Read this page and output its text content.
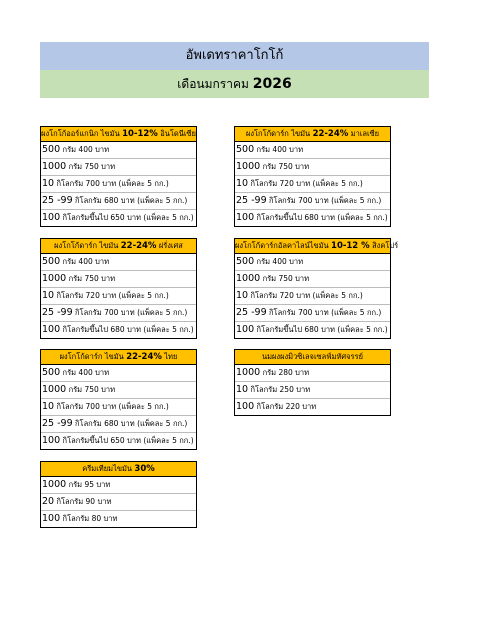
อัพเดทราคาโกโก้
เดือนมกราคม 2026
ผงโกโก้ออร์แกนิก ไขมัน 10-12% อินโดนีเซีย
500 กรัม 400 บาท
1000 กรัม 750 บาท
10 กิโลกรัม 700 บาท (แพ็คละ 5 กก.)
25 -99 กิโลกรัม 680 บาท (แพ็คละ 5 กก.)
100 กิโลกรัมขึ้นไป 650 บาท (แพ็คละ 5 กก.)
ผงโกโก้ดาร์ก ไขมัน 22-24% มาเลเซีย
500 กรัม 400 บาท
1000 กรัม 750 บาท
10 กิโลกรัม 720 บาท (แพ็คละ 5 กก.)
25 -99 กิโลกรัม 700 บาท (แพ็คละ 5 กก.)
100 กิโลกรัมขึ้นไป 680 บาท (แพ็คละ 5 กก.)
ผงโกโก้ดาร์ก ไขมัน 22-24% ฝรั่งเศส
500 กรัม 400 บาท
1000 กรัม 750 บาท
10 กิโลกรัม 720 บาท (แพ็คละ 5 กก.)
25 -99 กิโลกรัม 700 บาท (แพ็คละ 5 กก.)
100 กิโลกรัมขึ้นไป 680 บาท (แพ็คละ 5 กก.)
ผงโกโก้ดาร์กอัลคาไลน์ไขมัน 10-12 % สิงคโปร์
500 กรัม 400 บาท
1000 กรัม 750 บาท
10 กิโลกรัม 720 บาท (แพ็คละ 5 กก.)
25 -99 กิโลกรัม 700 บาท (แพ็คละ 5 กก.)
100 กิโลกรัมขึ้นไป 680 บาท (แพ็คละ 5 กก.)
ผงโกโก้ดาร์ก ไขมัน 22-24% ไทย
500 กรัม 400 บาท
1000 กรัม 750 บาท
10 กิโลกรัม 700 บาท (แพ็คละ 5 กก.)
25 -99 กิโลกรัม 680 บาท (แพ็คละ 5 กก.)
100 กิโลกรัมขึ้นไป 650 บาท (แพ็คละ 5 กก.)
นมผงผงมิวซิเลจเซลฟ์มหัศจรรย์
1000 กรัม 280 บาท
10 กิโลกรัม 250 บาท
100 กิโลกรัม 220 บาท
ครีมเทียมไขมัน 30%
1000 กรัม 95 บาท
20 กิโลกรัม 90 บาท
100 กิโลกรัม 80 บาท
